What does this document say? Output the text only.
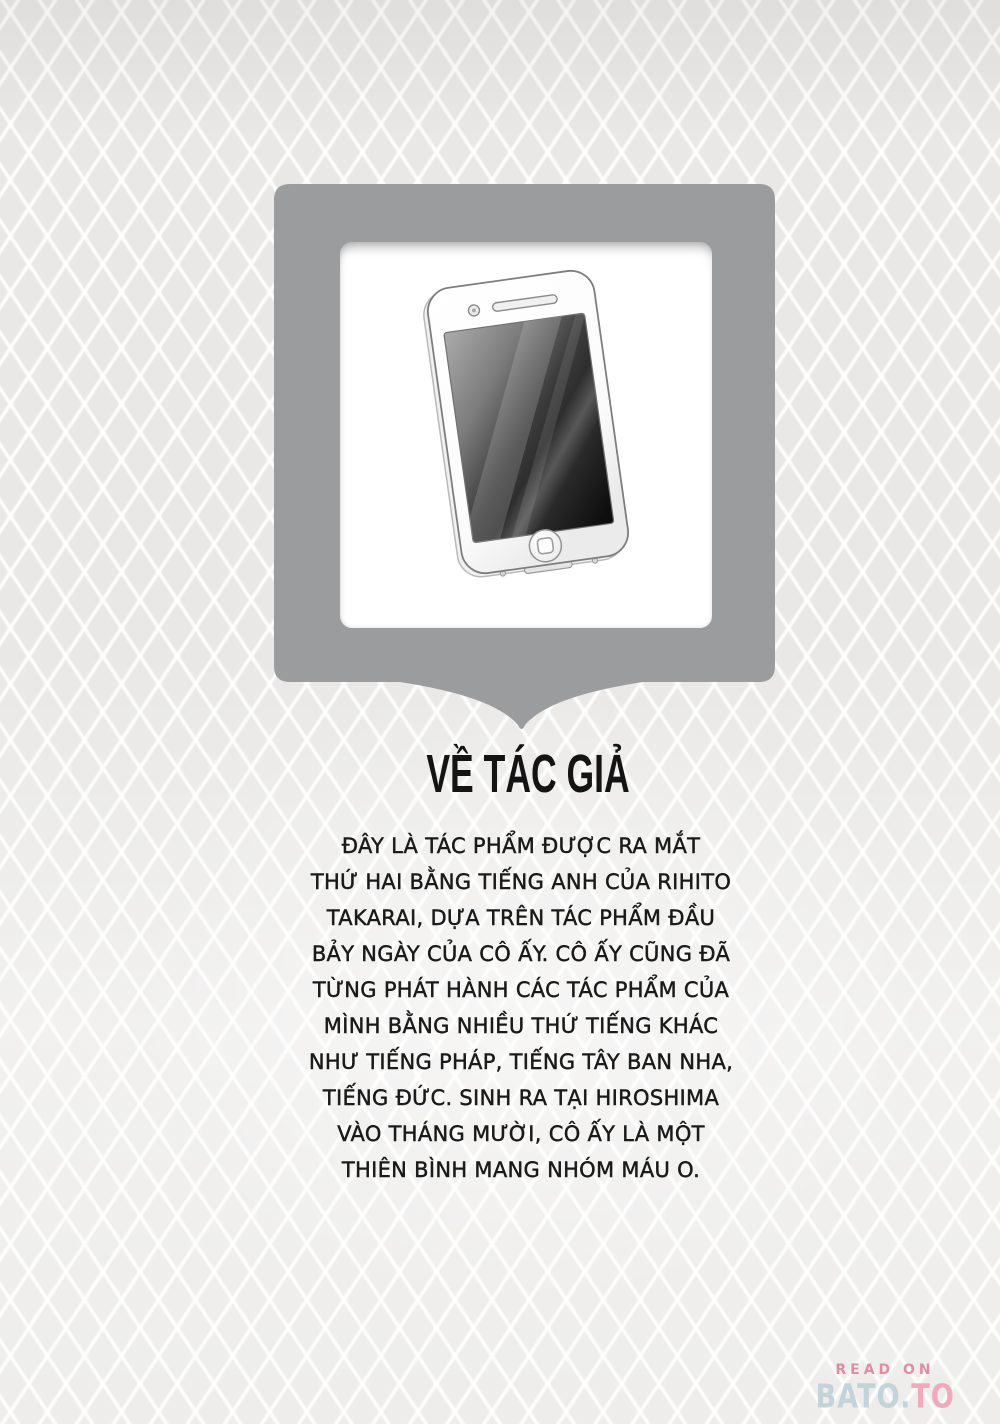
VỀ TÁC GIẢ
ĐÂY LÀ TÁC PHẨM ĐƯỢC RA MẮT
THỨ HAI BẰNG TIẾNG ANH CỦA RIHITO
TAKARAI, DỰA TRÊN TÁC PHẨM ĐẦU
BẢY NGÀY CỦA CÔ ẤY. CÔ ẤY CŨNG ĐÃ
TỪNG PHÁT HÀNH CÁC TÁC PHẨM CỦA
MÌNH BẰNG NHIỀU THỨ TIẾNG KHÁC
NHƯ TIẾNG PHÁP, TIẾNG TÂY BAN NHA,
TIẾNG ĐỨC. SINH RA TẠI HIROSHIMA
VÀO THÁNG MƯỜI, CÔ ẤY LÀ MỘT
THIÊN BÌNH MANG NHÓM MÁU O.
READ ON
BATO.TO
